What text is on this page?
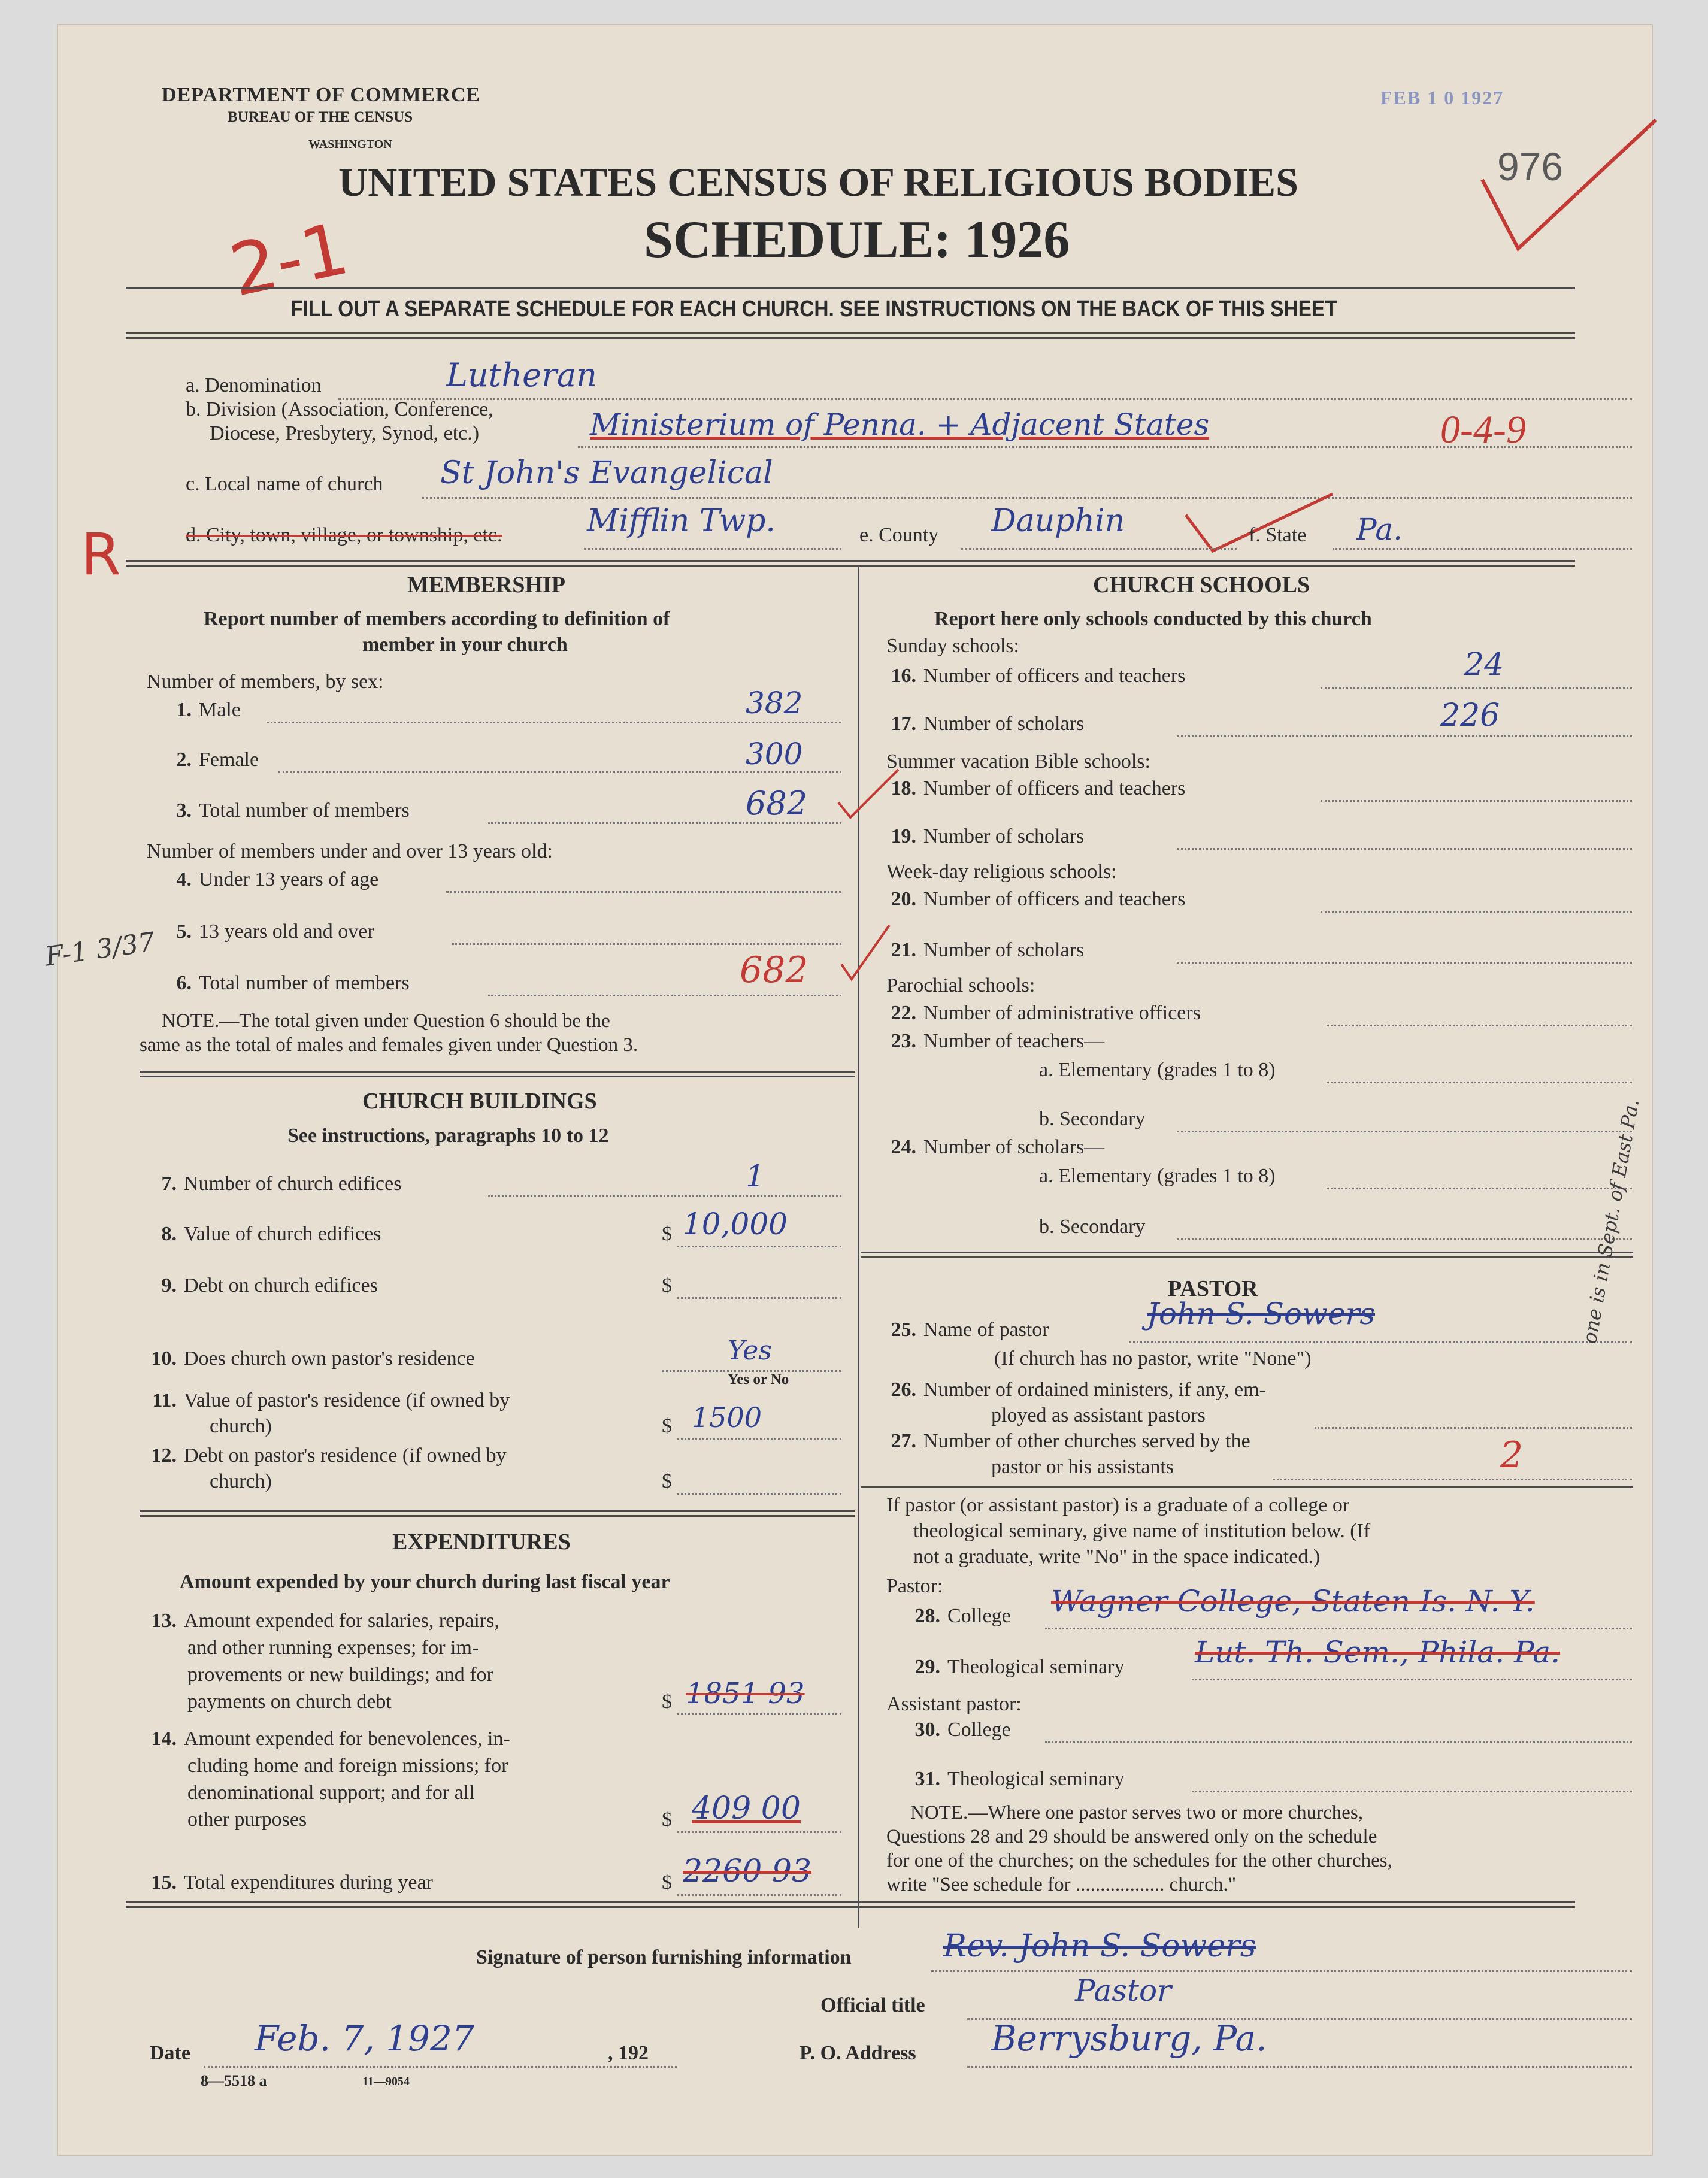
DEPARTMENT OF COMMERCE
BUREAU OF THE CENSUS
WASHINGTON
FEB 1 0 1927
976
UNITED STATES CENSUS OF RELIGIOUS BODIES
SCHEDULE: 1926
2-1
FILL OUT A SEPARATE SCHEDULE FOR EACH CHURCH. SEE INSTRUCTIONS ON THE BACK OF THIS SHEET
a. Denomination	Lutheran
b. Division (Association, Conference,
Diocese, Presbytery, Synod, etc.)	Ministerium of Penna. + Adjacent States	0-4-9
c. Local name of church St John's Evangelical
R	d. City, town, village, or township, etc.	Mifflin Twp.	e. County Dauphin	f. State Pa.
MEMBERSHIP
Report number of members according to definition of
member in your church
Number of members, by sex:
1. Male	382
2. Female	300
3. Total number of members	682
Number of members under and over 13 years old:
4. Under 13 years of age
5. 13 years old and over
F-1 3/37
6. Total number of members	682
NOTE.—The total given under Question 6 should be the
same as the total of males and females given under Question 3.
CHURCH BUILDINGS
See instructions, paragraphs 10 to 12
7. Number of church edifices	1
8. Value of church edifices	$ 10,000
9. Debt on church edifices	$
10. Does church own pastor's residence	Yes
Yes or No
11. Value of pastor's residence (if owned by
church)	$ 1500
12. Debt on pastor's residence (if owned by
church)	$
EXPENDITURES
Amount expended by your church during last fiscal year
13. Amount expended for salaries, repairs,
and other running expenses; for im-
provements or new buildings; and for
payments on church debt	$ 1851 93
14. Amount expended for benevolences, in-
cluding home and foreign missions; for
denominational support; and for all
other purposes	$ 409 00
15. Total expenditures during year	$ 2260 93
CHURCH SCHOOLS
Report here only schools conducted by this church
Sunday schools:
16. Number of officers and teachers	24
17. Number of scholars	226
Summer vacation Bible schools:
18. Number of officers and teachers
19. Number of scholars
Week-day religious schools:
20. Number of officers and teachers
21. Number of scholars
Parochial schools:
22. Number of administrative officers
23. Number of teachers—
a. Elementary (grades 1 to 8)
b. Secondary
24. Number of scholars—
a. Elementary (grades 1 to 8)
b. Secondary
PASTOR
25. Name of pastor	John S. Sowers
(If church has no pastor, write "None")
26. Number of ordained ministers, if any, em-
ployed as assistant pastors
27. Number of other churches served by the
pastor or his assistants	2
one is in Sept. of East Pa.
If pastor (or assistant pastor) is a graduate of a college or
theological seminary, give name of institution below. (If
not a graduate, write "No" in the space indicated.)
Pastor:
28. College Wagner College, Staten Is. N. Y.
29. Theological seminary Lut. Th. Sem., Phila. Pa.
Assistant pastor:
30. College
31. Theological seminary
NOTE.—Where one pastor serves two or more churches,
Questions 28 and 29 should be answered only on the schedule
for one of the churches; on the schedules for the other churches,
write "See schedule for .................. church."
Signature of person furnishing information	Rev. John S. Sowers
Official title	Pastor
Date Feb. 7, 1927	, 192	P. O. Address Berrysburg, Pa.
8—5518 a	11—9054
